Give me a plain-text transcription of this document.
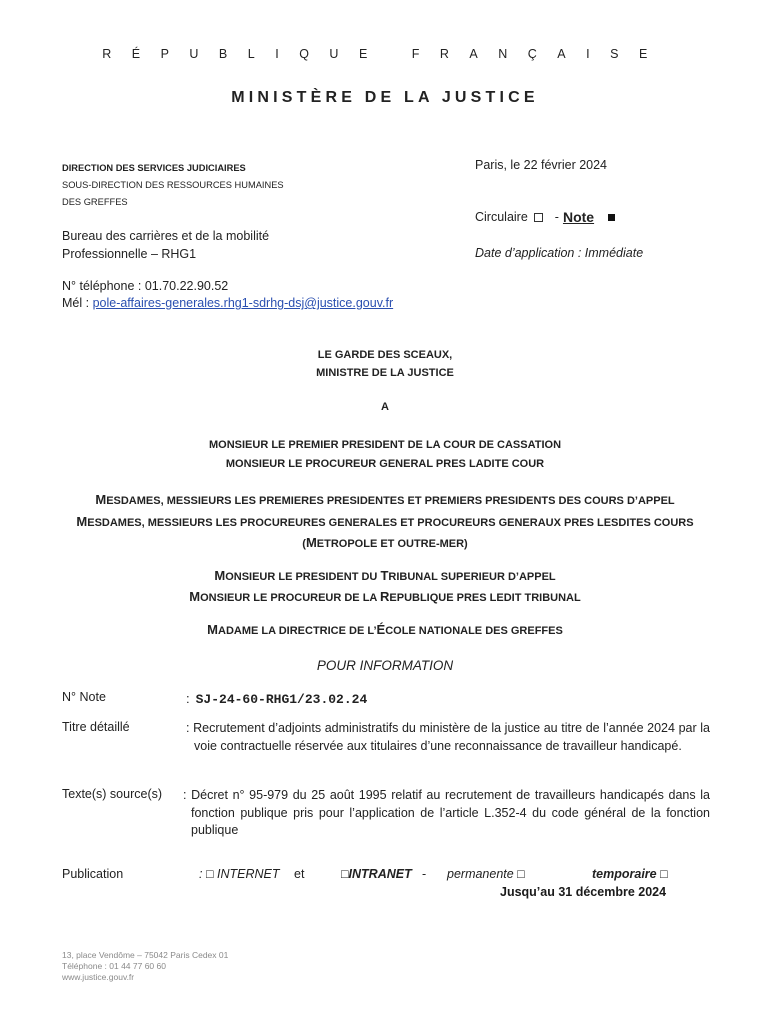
RÉPUBLIQUE FRANÇAISE
MINISTÈRE DE LA JUSTICE
DIRECTION DES SERVICES JUDICIAIRES
SOUS-DIRECTION DES RESSOURCES HUMAINES
DES GREFFES
Bureau des carrières et de la mobilité
Professionnelle – RHG1
N° téléphone : 01.70.22.90.52
Mél : pole-affaires-generales.rhg1-sdrhg-dsj@justice.gouv.fr
Paris, le 22 février 2024
Circulaire - Note
Date d’application : Immédiate
LE GARDE DES SCEAUX,
MINISTRE DE LA JUSTICE
A
MONSIEUR LE PREMIER PRESIDENT DE LA COUR DE CASSATION
MONSIEUR LE PROCUREUR GENERAL PRES LADITE COUR
MESDAMES, MESSIEURS LES PREMIERES PRESIDENTES ET PREMIERS PRESIDENTS DES COURS D’APPEL
MESDAMES, MESSIEURS LES PROCUREURES GENERALES ET PROCUREURS GENERAUX PRES LESDITES COURS
(METROPOLE ET OUTRE-MER)
MONSIEUR LE PRESIDENT DU TRIBUNAL SUPERIEUR D’APPEL
MONSIEUR LE PROCUREUR DE LA REPUBLIQUE PRES LEDIT TRIBUNAL
MADAME LA DIRECTRICE DE L’ÉCOLE NATIONALE DES GREFFES
POUR INFORMATION
N° Note	: SJ-24-60-RHG1/23.02.24
Titre détaillé	: Recrutement d’adjoints administratifs du ministère de la justice au titre de l’année 2024 par la voie contractuelle réservée aux titulaires d’une reconnaissance de travailleur handicapé.
Texte(s) source(s) : Décret n° 95-979 du 25 août 1995 relatif au recrutement de travailleurs handicapés dans la fonction publique pris pour l’application de l’article L.352-4 du code général de la fonction publique
Publication	: □ INTERNET et	□INTRANET - permanente □	temporaire □
Jusqu’au 31 décembre 2024
13, place Vendôme – 75042 Paris Cedex 01
Téléphone : 01 44 77 60 60
www.justice.gouv.fr
